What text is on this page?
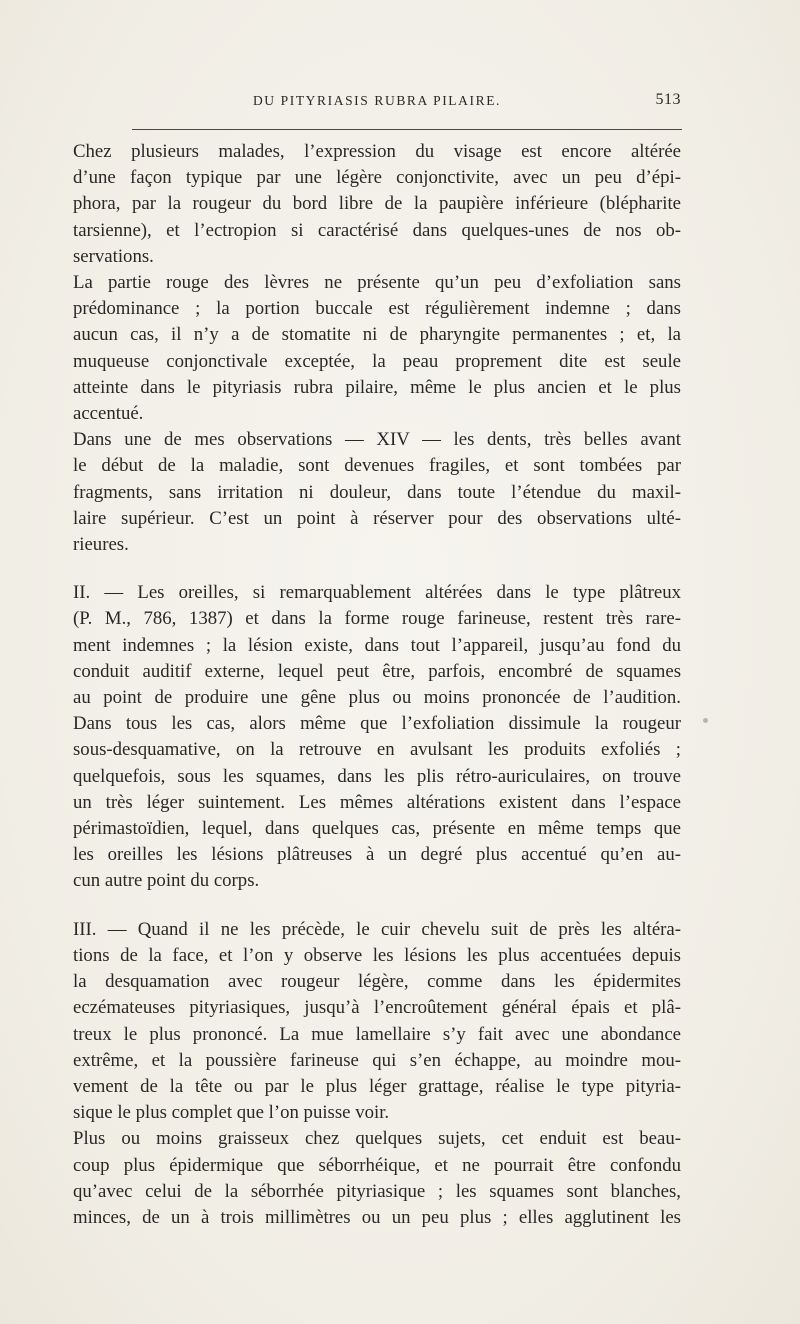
DU PITYRIASIS RUBRA PILAIRE.	513

Chez plusieurs malades, l’expression du visage est encore altérée
d’une façon typique par une légère conjonctivite, avec un peu d’épi-
phora, par la rougeur du bord libre de la paupière inférieure (blépharite
tarsienne), et l’ectropion si caractérisé dans quelques-unes de nos ob-
servations.

La partie rouge des lèvres ne présente qu’un peu d’exfoliation sans
prédominance ; la portion buccale est régulièrement indemne ; dans
aucun cas, il n’y a de stomatite ni de pharyngite permanentes ; et, la
muqueuse conjonctivale exceptée, la peau proprement dite est seule
atteinte dans le pityriasis rubra pilaire, même le plus ancien et le plus
accentué.

Dans une de mes observations — XIV — les dents, très belles avant
le début de la maladie, sont devenues fragiles, et sont tombées par
fragments, sans irritation ni douleur, dans toute l’étendue du maxil-
laire supérieur. C’est un point à réserver pour des observations ulté-
rieures.

II. — Les oreilles, si remarquablement altérées dans le type plâtreux
(P. M., 786, 1387) et dans la forme rouge farineuse, restent très rare-
ment indemnes ; la lésion existe, dans tout l’appareil, jusqu’au fond du
conduit auditif externe, lequel peut être, parfois, encombré de squames
au point de produire une gêne plus ou moins prononcée de l’audition.
Dans tous les cas, alors même que l’exfoliation dissimule la rougeur
sous-desquamative, on la retrouve en avulsant les produits exfoliés ;
quelquefois, sous les squames, dans les plis rétro-auriculaires, on trouve
un très léger suintement. Les mêmes altérations existent dans l’espace
périmastoïdien, lequel, dans quelques cas, présente en même temps que
les oreilles les lésions plâtreuses à un degré plus accentué qu’en au-
cun autre point du corps.

III. — Quand il ne les précède, le cuir chevelu suit de près les altéra-
tions de la face, et l’on y observe les lésions les plus accentuées depuis
la desquamation avec rougeur légère, comme dans les épidermites
eczémateuses pityriasiques, jusqu’à l’encroûtement général épais et plâ-
treux le plus prononcé. La mue lamellaire s’y fait avec une abondance
extrême, et la poussière farineuse qui s’en échappe, au moindre mou-
vement de la tête ou par le plus léger grattage, réalise le type pityria-
sique le plus complet que l’on puisse voir.

Plus ou moins graisseux chez quelques sujets, cet enduit est beau-
coup plus épidermique que séborrhéique, et ne pourrait être confondu
qu’avec celui de la séborrhée pityriasique ; les squames sont blanches,
minces, de un à trois millimètres ou un peu plus ; elles agglutinent les
